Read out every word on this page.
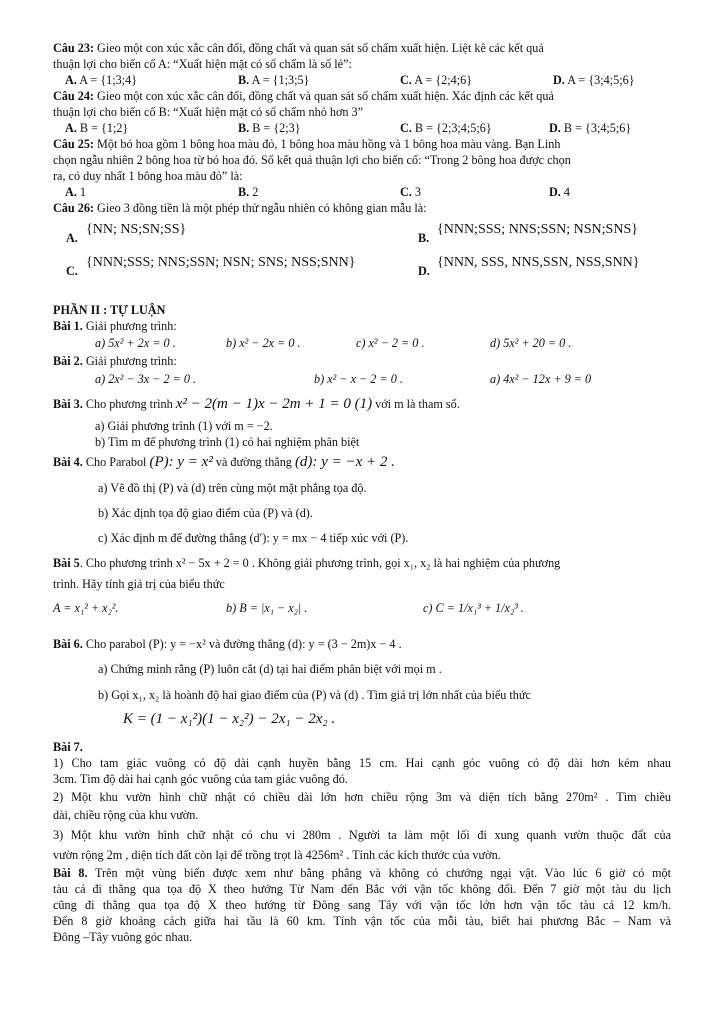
Câu 23: Gieo một con xúc xắc cân đối, đồng chất và quan sát số chấm xuất hiện. Liệt kê các kết quả
thuận lợi cho biến cố A: “Xuất hiện mặt có số chấm là số lẻ”:
A. A = {1;3;4}	B. A = {1;3;5}	C. A = {2;4;6}	D. A = {3;4;5;6}
Câu 24: Gieo một con xúc xắc cân đối, đồng chất và quan sát số chấm xuất hiện. Xác định các kết quả
thuận lợi cho biến cố B: “Xuất hiện mặt có số chấm nhỏ hơn 3”
A. B = {1;2}	B. B = {2;3}	C. B = {2;3;4;5;6}	D. B = {3;4;5;6}
Câu 25: Một bó hoa gồm 1 bông hoa màu đỏ, 1 bông hoa màu hồng và 1 bông hoa màu vàng. Bạn Linh
chọn ngẫu nhiên 2 bông hoa từ bó hoa đó. Số kết quả thuận lợi cho biến cố: “Trong 2 bông hoa được chọn
ra, có duy nhất 1 bông hoa màu đỏ” là:
A. 1	B. 2	C. 3	D. 4
Câu 26: Gieo 3 đồng tiền là một phép thử ngẫu nhiên có không gian mẫu là:
A.
{NN; NS;SN;SS}
B.
{NNN;SSS; NNS;SSN; NSN;SNS}
C.
{NNN;SSS; NNS;SSN; NSN; SNS; NSS;SNN}
D.
{NNN, SSS, NNS,SSN, NSS,SNN}
PHẦN II : TỰ LUẬN
Bài 1. Giải phương trình:
a) 5x² + 2x = 0 .	b) x² − 2x = 0 .	c) x² − 2 = 0 .	d) 5x² + 20 = 0 .
Bài 2. Giải phương trình:
a) 2x² − 3x − 2 = 0 .	b) x² − x − 2 = 0 .	a) 4x² − 12x + 9 = 0
Bài 3. Cho phương trình x² − 2(m − 1)x − 2m + 1 = 0 (1) với m là tham số.
a) Giải phương trình (1) với m = −2.
b) Tìm m để phương trình (1) có hai nghiệm phân biệt
Bài 4. Cho Parabol (P): y = x² và đường thẳng (d): y = −x + 2 .
a) Vẽ đồ thị (P) và (d) trên cùng một mặt phẳng tọa độ.
b) Xác định tọa độ giao điểm của (P) và (d).
c) Xác định m để đường thẳng (d′): y = mx − 4 tiếp xúc với (P).
Bài 5. Cho phương trình x² − 5x + 2 = 0 . Không giải phương trình, gọi x₁, x₂ là hai nghiệm của phương
trình. Hãy tính giá trị của biểu thức
A = x₁² + x₂².	b) B = |x₁ − x₂| .	c) C = 1/x₁³ + 1/x₂³ .
Bài 6. Cho parabol (P): y = −x² và đường thẳng (d): y = (3 − 2m)x − 4 .
a) Chứng minh rằng (P) luôn cắt (d) tại hai điểm phân biệt với mọi m .
b) Gọi x₁, x₂ là hoành độ hai giao điểm của (P) và (d) . Tìm giá trị lớn nhất của biểu thức
K = (1 − x₁²)(1 − x₂²) − 2x₁ − 2x₂ .
Bài 7.
1) Cho tam giác vuông có độ dài cạnh huyền bằng 15 cm. Hai cạnh góc vuông có độ dài hơn kém nhau
3cm. Tìm độ dài hai cạnh góc vuông của tam giác vuông đó.
2) Một khu vườn hình chữ nhật có chiều dài lớn hơn chiều rộng 3m và diện tích bằng 270m² . Tìm chiều
dài, chiều rộng của khu vườn.
3) Một khu vườn hình chữ nhật có chu vi 280m . Người ta làm một lối đi xung quanh vườn thuộc đất của
vườn rộng 2m , diện tích đất còn lại để trồng trọt là 4256m² . Tính các kích thước của vườn.
Bài 8. Trên một vùng biển được xem như bằng phẳng và không có chướng ngại vật. Vào lúc 6 giờ có một
tàu cá đi thẳng qua tọa độ X theo hướng Từ Nam đến Bắc với vận tốc không đổi. Đến 7 giờ một tàu du lịch
cũng đi thẳng qua tọa độ X theo hướng từ Đông sang Tây với vận tốc lớn hơn vận tốc tàu cá 12 km/h.
Đến 8 giờ khoảng cách giữa hai tầu là 60 km. Tính vận tốc của mỗi tàu, biết hai phương Bắc – Nam và
Đông –Tây vuông góc nhau.
